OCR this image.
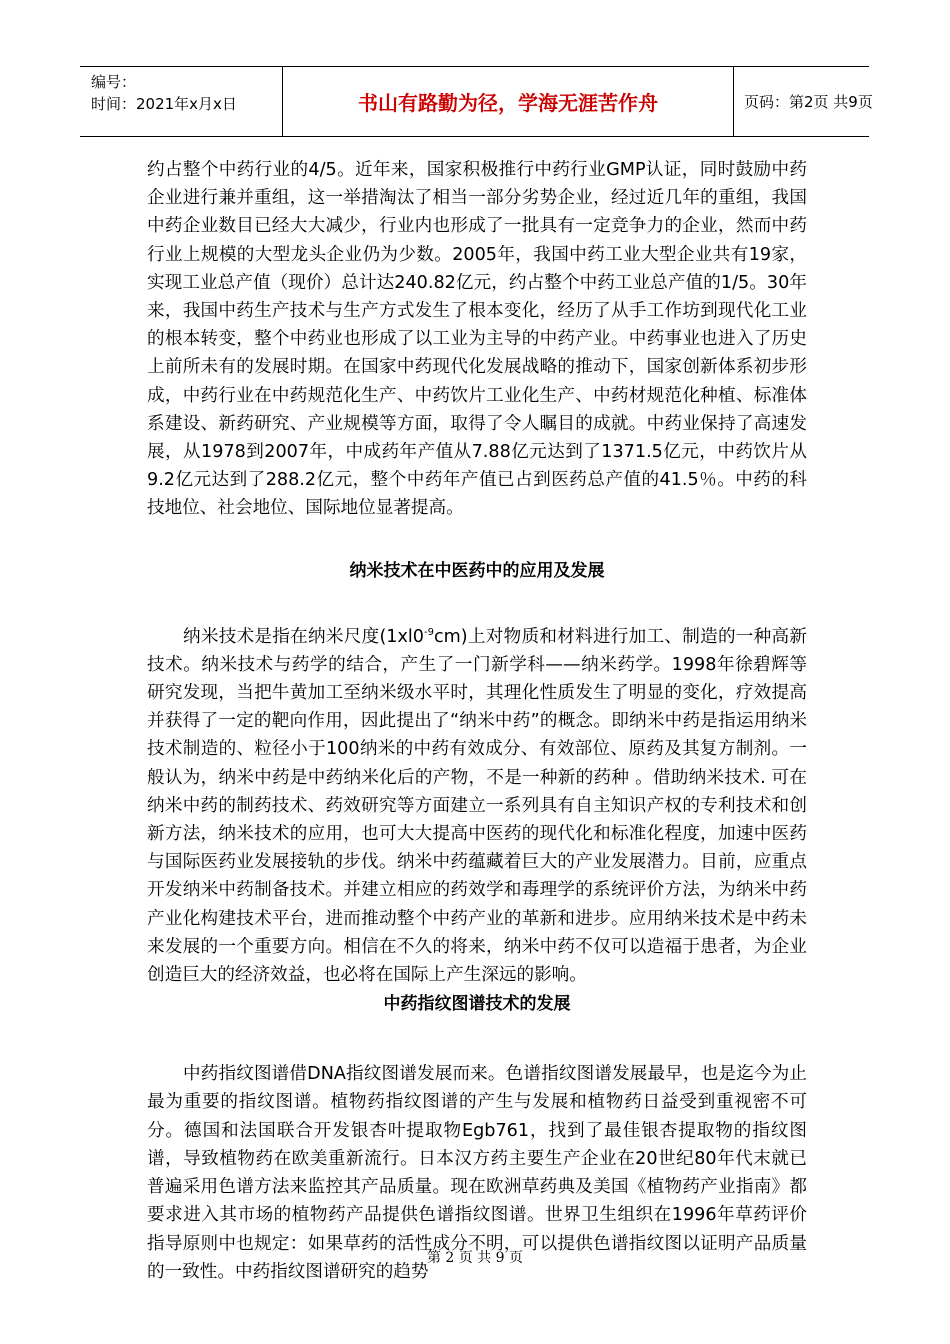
编号：
时间：2021年x月x日	书山有路勤为径，学海无涯苦作舟	页码：第2页 共9页

约占整个中药行业的4/5。近年来，国家积极推行中药行业GMP认证，同时鼓励中药企业进行兼并重组，这一举措淘汰了相当一部分劣势企业，经过近几年的重组，我国中药企业数目已经大大减少，行业内也形成了一批具有一定竞争力的企业，然而中药行业上规模的大型龙头企业仍为少数。2005年，我国中药工业大型企业共有19家， 实现工业总产值（现价）总计达240.82亿元，约占整个中药工业总产值的1/5。30年来，我国中药生产技术与生产方式发生了根本变化，经历了从手工作坊到现代化工业的根本转变，整个中药业也形成了以工业为主导的中药产业。中药事业也进入了历史上前所未有的发展时期。在国家中药现代化发展战略的推动下，国家创新体系初步形成，中药行业在中药规范化生产、中药饮片工业化生产、中药材规范化种植、标准体系建设、新药研究、产业规模等方面，取得了令人瞩目的成就。中药业保持了高速发展，从1978到2007年，中成药年产值从7.88亿元达到了1371.5亿元，中药饮片从9.2亿元达到了288.2亿元，整个中药年产值已占到医药总产值的41.5％。中药的科技地位、社会地位、国际地位显著提高。

纳米技术在中医药中的应用及发展

纳米技术是指在纳米尺度$(1xl0^{-9}cm)$上对物质和材料进行加工、制造的一种高新技术。纳米技术与药学的结合，产生了一门新学科——纳米药学。1998年徐碧辉等研究发现，当把牛黄加工至纳米级水平时，其理化性质发生了明显的变化，疗效提高并获得了一定的靶向作用，因此提出了“纳米中药”的概念。即纳米中药是指运用纳米技术制造的、粒径小于100纳米的中药有效成分、有效部位、原药及其复方制剂。一般认为，纳米中药是中药纳米化后的产物，不是一种新的药种 。借助纳米技术. 可在纳米中药的制药技术、药效研究等方面建立一系列具有自主知识产权的专利技术和创新方法，纳米技术的应用，也可大大提高中医药的现代化和标准化程度，加速中医药与国际医药业发展接轨的步伐。纳米中药蕴藏着巨大的产业发展潜力。目前，应重点开发纳米中药制备技术。并建立相应的药效学和毒理学的系统评价方法，为纳米中药产业化构建技术平台，进而推动整个中药产业的革新和进步。应用纳米技术是中药未来发展的一个重要方向。相信在不久的将来，纳米中药不仅可以造福于患者，为企业创造巨大的经济效益，也必将在国际上产生深远的影响。

中药指纹图谱技术的发展

中药指纹图谱借DNA指纹图谱发展而来。色谱指纹图谱发展最早，也是迄今为止最为重要的指纹图谱。植物药指纹图谱的产生与发展和植物药日益受到重视密不可分。德国和法国联合开发银杏叶提取物Egb761，找到了最佳银杏提取物的指纹图谱，导致植物药在欧美重新流行。日本汉方药主要生产企业在20世纪80年代末就已普遍采用色谱方法来监控其产品质量。现在欧洲草药典及美国《植物药产业指南》都要求进入其市场的植物药产品提供色谱指纹图谱。世界卫生组织在1996年草药评价指导原则中也规定：如果草药的活性成分不明，可以提供色谱指纹图以证明产品质量的一致性。中药指纹图谱研究的趋势

第 2 页 共 9 页
